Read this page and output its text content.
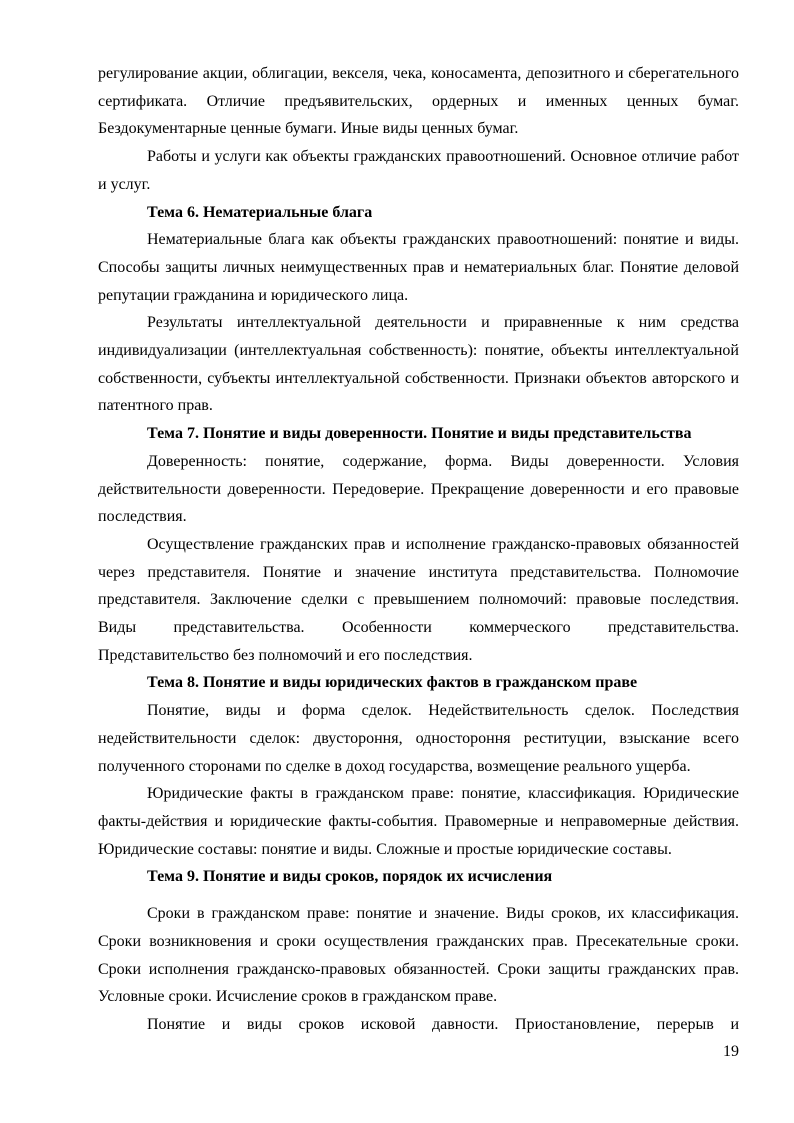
регулирование акции, облигации, векселя, чека, коносамента, депозитного и сберегательного сертификата. Отличие предъявительских, ордерных и именных ценных бумаг. Бездокументарные ценные бумаги. Иные виды ценных бумаг.

Работы и услуги как объекты гражданских правоотношений. Основное отличие работ и услуг.

Тема 6. Нематериальные блага

Нематериальные блага как объекты гражданских правоотношений: понятие и виды. Способы защиты личных неимущественных прав и нематериальных благ. Понятие деловой репутации гражданина и юридического лица.

Результаты интеллектуальной деятельности и приравненные к ним средства индивидуализации (интеллектуальная собственность): понятие, объекты интеллектуальной собственности, субъекты интеллектуальной собственности. Признаки объектов авторского и патентного прав.

Тема 7. Понятие и виды доверенности. Понятие и виды представительства

Доверенность: понятие, содержание, форма. Виды доверенности. Условия действительности доверенности. Передоверие. Прекращение доверенности и его правовые последствия.

Осуществление гражданских прав и исполнение гражданско-правовых обязанностей через представителя. Понятие и значение института представительства. Полномочие представителя. Заключение сделки с превышением полномочий: правовые последствия. Виды представительства. Особенности коммерческого представительства. Представительство без полномочий и его последствия.

Тема 8. Понятие и виды юридических фактов в гражданском праве

Понятие, виды и форма сделок. Недействительность сделок. Последствия недействительности сделок: двустороння, одностороння реституции, взыскание всего полученного сторонами по сделке в доход государства, возмещение реального ущерба.

Юридические факты в гражданском праве: понятие, классификация. Юридические факты-действия и юридические факты-события. Правомерные и неправомерные действия. Юридические составы: понятие и виды. Сложные и простые юридические составы.

Тема 9. Понятие и виды сроков, порядок их исчисления

Сроки в гражданском праве: понятие и значение. Виды сроков, их классификация. Сроки возникновения и сроки осуществления гражданских прав. Пресекательные сроки. Сроки исполнения гражданско-правовых обязанностей. Сроки защиты гражданских прав. Условные сроки. Исчисление сроков в гражданском праве.

Понятие и виды сроков исковой давности. Приостановление, перерыв и

19
